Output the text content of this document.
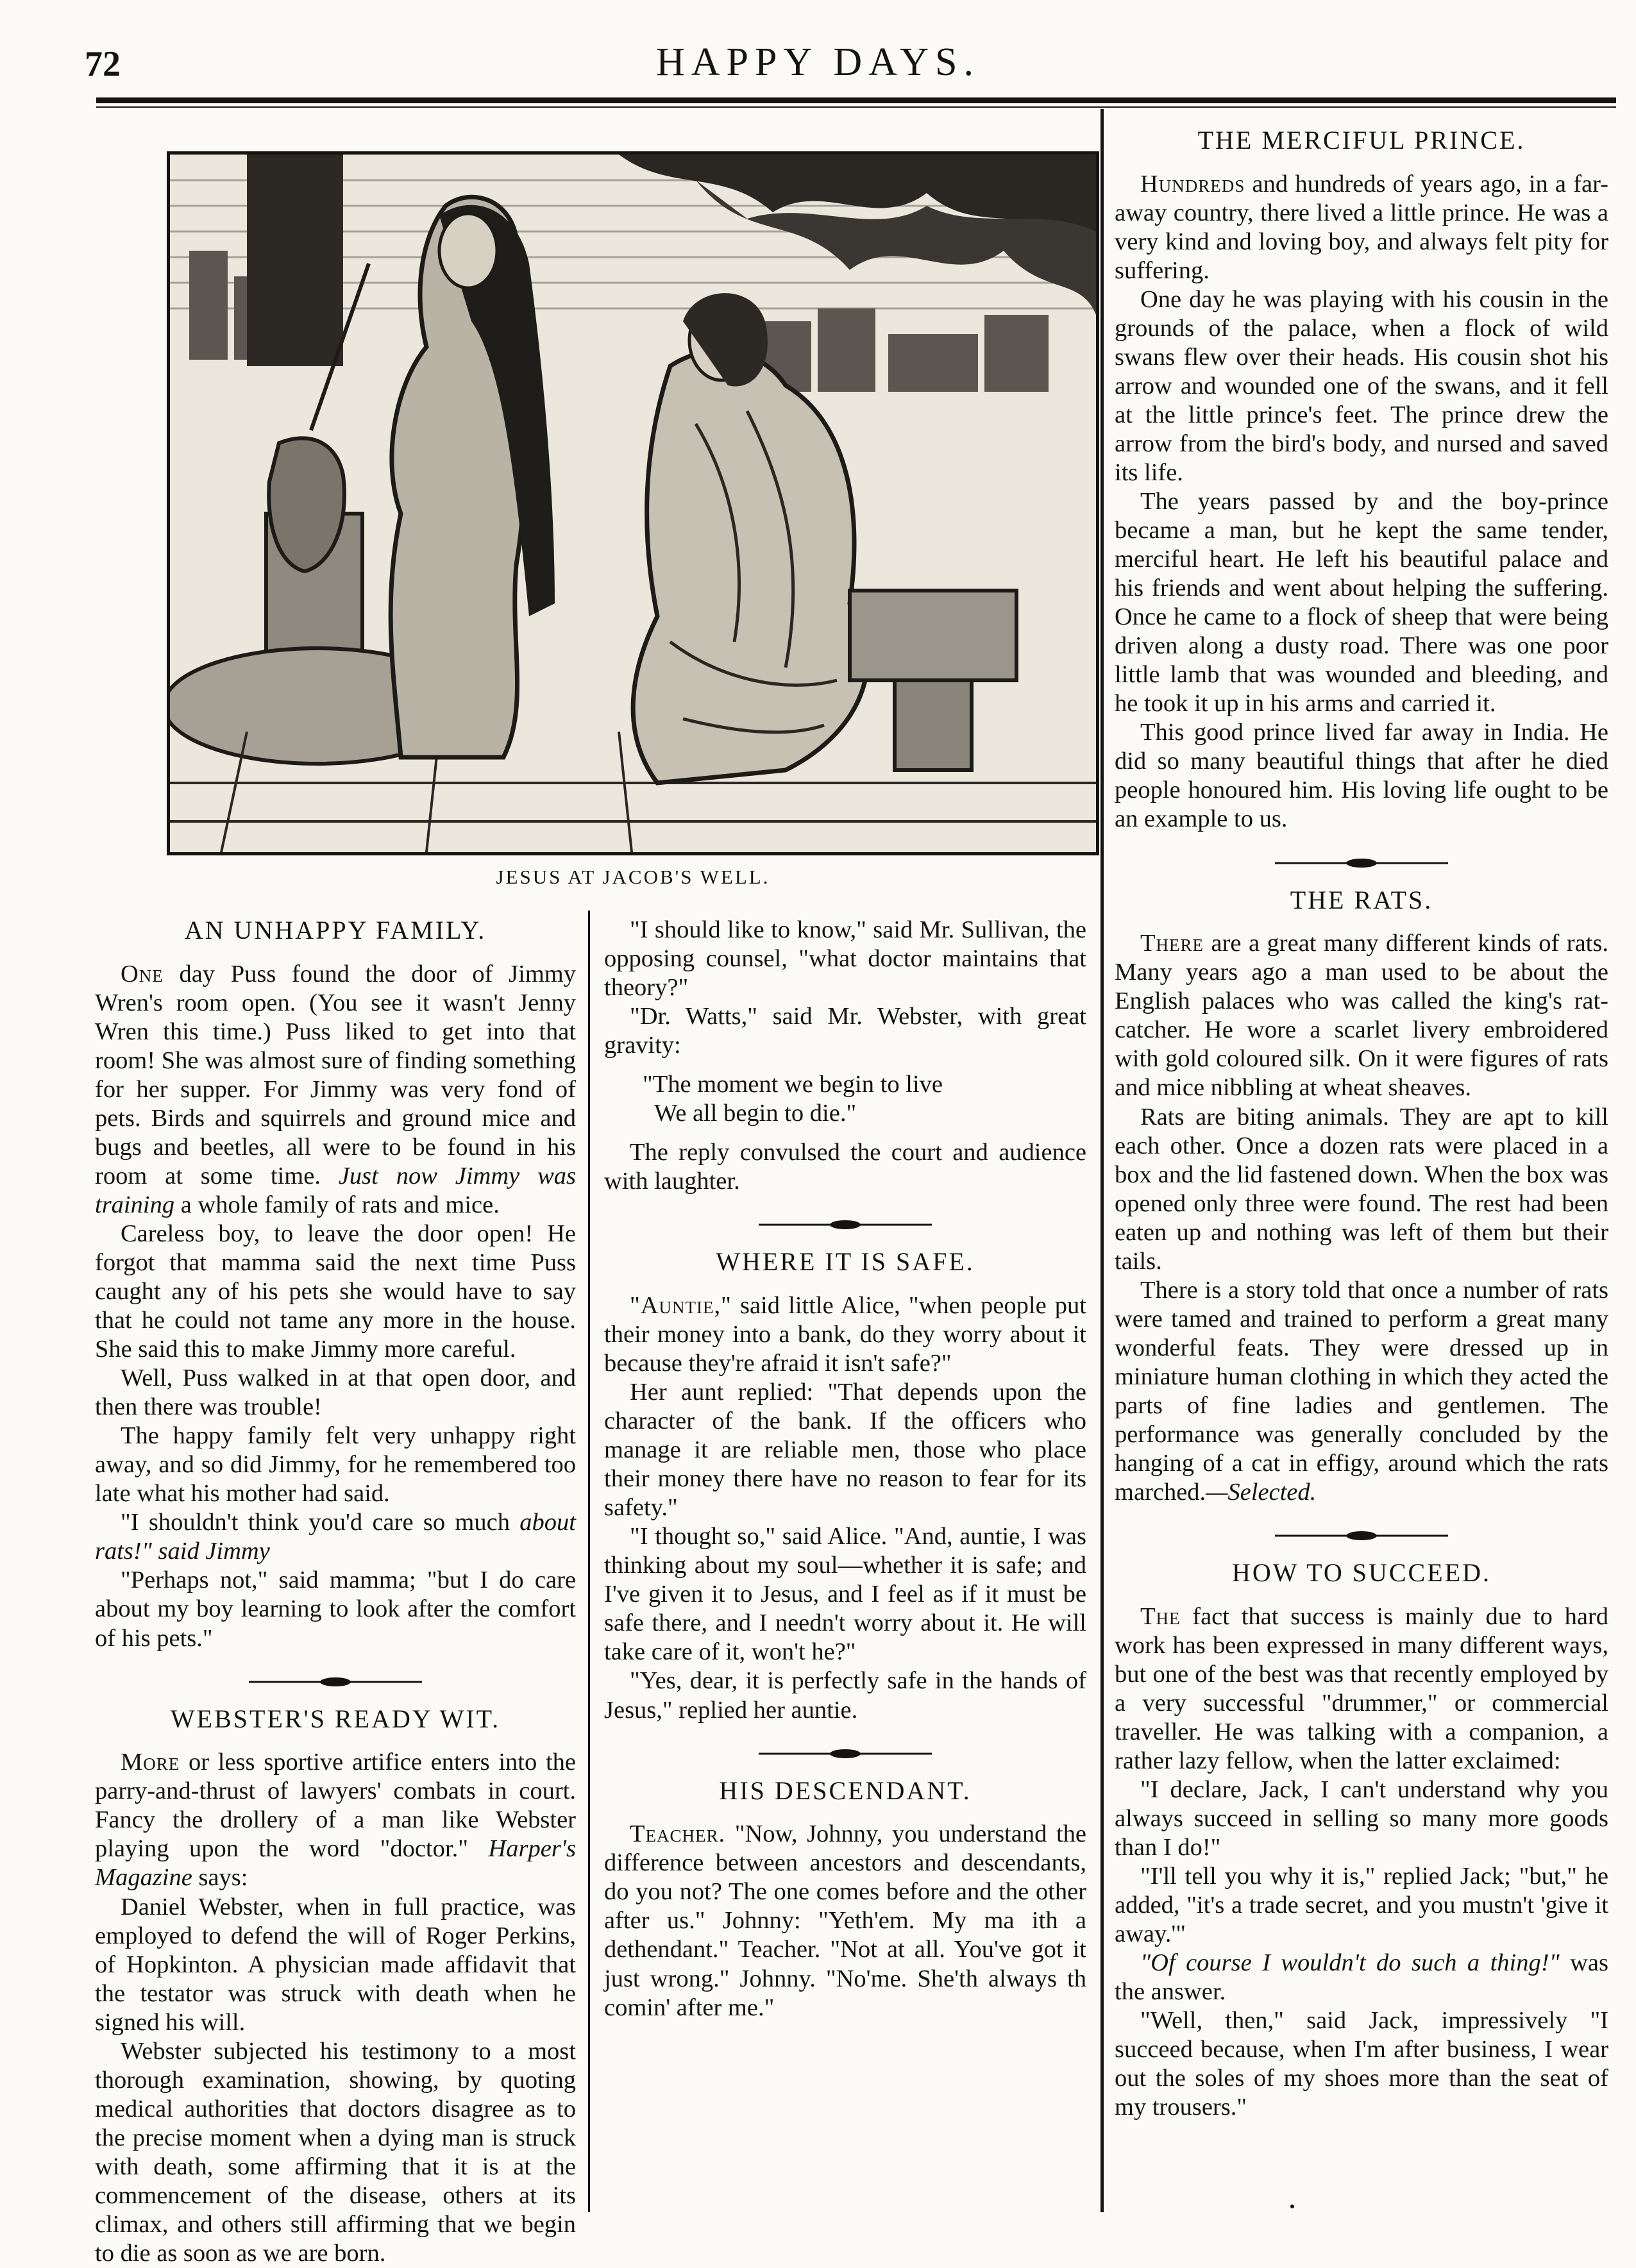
72	HAPPY DAYS.
JESUS AT JACOB'S WELL.
AN UNHAPPY FAMILY.

One day Puss found the door of Jimmy Wren's room open. (You see it wasn't Jenny Wren this time.) Puss liked to get into that room! She was almost sure of finding something for her supper. For Jimmy was very fond of pets. Birds and squirrels and ground mice and bugs and beetles, all were to be found in his room at some time. Just now Jimmy was training a whole family of rats and mice.

Careless boy, to leave the door open! He forgot that mamma said the next time Puss caught any of his pets she would have to say that he could not tame any more in the house. She said this to make Jimmy more careful.

Well, Puss walked in at that open door, and then there was trouble!

The happy family felt very unhappy right away, and so did Jimmy, for he remembered too late what his mother had said.

"I shouldn't think you'd care so much about rats!" said Jimmy

"Perhaps not," said mamma; "but I do care about my boy learning to look after the comfort of his pets."

WEBSTER'S READY WIT.

More or less sportive artifice enters into the parry-and-thrust of lawyers' combats in court. Fancy the drollery of a man like Webster playing upon the word "doctor." Harper's Magazine says:

Daniel Webster, when in full practice, was employed to defend the will of Roger Perkins, of Hopkinton. A physician made affidavit that the testator was struck with death when he signed his will.

Webster subjected his testimony to a most thorough examination, showing, by quoting medical authorities that doctors disagree as to the precise moment when a dying man is struck with death, some affirming that it is at the commencement of the disease, others at its climax, and others still affirming that we begin to die as soon as we are born.

"I should like to know," said Mr. Sullivan, the opposing counsel, "what doctor maintains that theory?"

"Dr. Watts," said Mr. Webster, with great gravity:

"The moment we begin to live
We all begin to die."

The reply convulsed the court and audience with laughter.

WHERE IT IS SAFE.

"Auntie," said little Alice, "when people put their money into a bank, do they worry about it because they're afraid it isn't safe?"

Her aunt replied: "That depends upon the character of the bank. If the officers who manage it are reliable men, those who place their money there have no reason to fear for its safety."

"I thought so," said Alice. "And, auntie, I was thinking about my soul—whether it is safe; and I've given it to Jesus, and I feel as if it must be safe there, and I needn't worry about it. He will take care of it, won't he?"

"Yes, dear, it is perfectly safe in the hands of Jesus," replied her auntie.

HIS DESCENDANT.

Teacher. "Now, Johnny, you understand the difference between ancestors and descendants, do you not? The one comes before and the other after us." Johnny: "Yeth'em. My ma ith a dethendant." Teacher. "Not at all. You've got it just wrong." Johnny. "No'me. She'th always th comin' after me."

THE MERCIFUL PRINCE.

Hundreds and hundreds of years ago, in a far-away country, there lived a little prince. He was a very kind and loving boy, and always felt pity for suffering.

One day he was playing with his cousin in the grounds of the palace, when a flock of wild swans flew over their heads. His cousin shot his arrow and wounded one of the swans, and it fell at the little prince's feet. The prince drew the arrow from the bird's body, and nursed and saved its life.

The years passed by and the boy-prince became a man, but he kept the same tender, merciful heart. He left his beautiful palace and his friends and went about helping the suffering. Once he came to a flock of sheep that were being driven along a dusty road. There was one poor little lamb that was wounded and bleeding, and he took it up in his arms and carried it.

This good prince lived far away in India. He did so many beautiful things that after he died people honoured him. His loving life ought to be an example to us.

THE RATS.

There are a great many different kinds of rats. Many years ago a man used to be about the English palaces who was called the king's rat-catcher. He wore a scarlet livery embroidered with gold coloured silk. On it were figures of rats and mice nibbling at wheat sheaves.

Rats are biting animals. They are apt to kill each other. Once a dozen rats were placed in a box and the lid fastened down. When the box was opened only three were found. The rest had been eaten up and nothing was left of them but their tails.

There is a story told that once a number of rats were tamed and trained to perform a great many wonderful feats. They were dressed up in miniature human clothing in which they acted the parts of fine ladies and gentlemen. The performance was generally concluded by the hanging of a cat in effigy, around which the rats marched.—Selected.

HOW TO SUCCEED.

The fact that success is mainly due to hard work has been expressed in many different ways, but one of the best was that recently employed by a very successful "drummer," or commercial traveller. He was talking with a companion, a rather lazy fellow, when the latter exclaimed:

"I declare, Jack, I can't understand why you always succeed in selling so many more goods than I do!"

"I'll tell you why it is," replied Jack; "but," he added, "it's a trade secret, and you mustn't 'give it away.'"

"Of course I wouldn't do such a thing!" was the answer.

"Well, then," said Jack, impressively "I succeed because, when I'm after business, I wear out the soles of my shoes more than the seat of my trousers."
